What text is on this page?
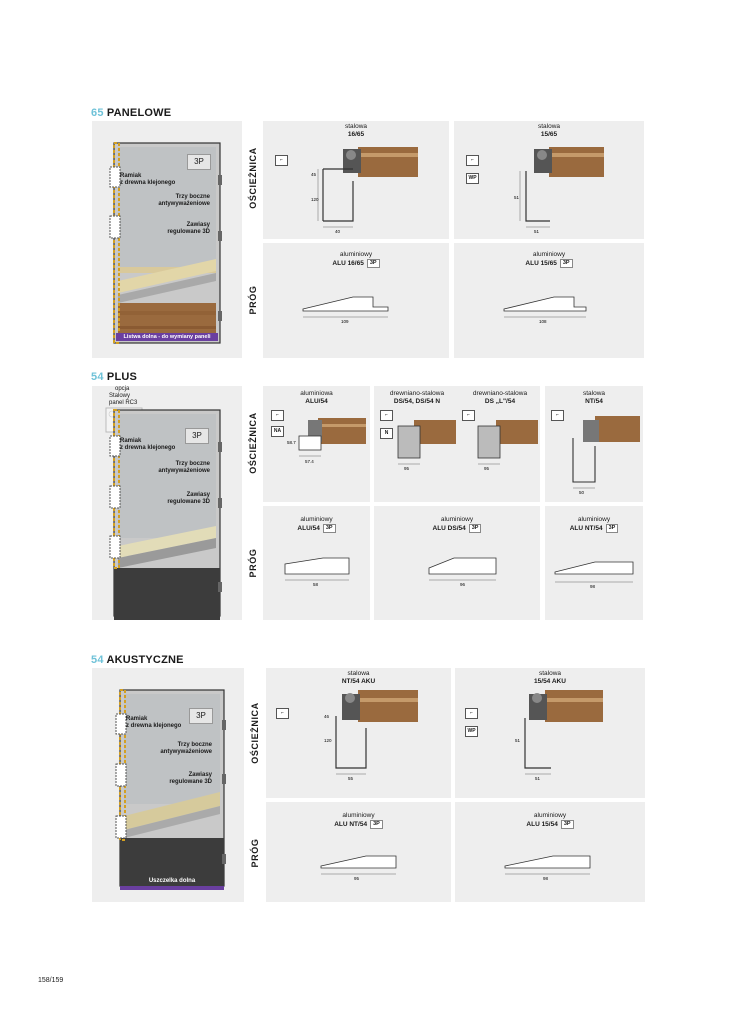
65 PANELOWE
3P
Ramiak
z drewna klejonego
Trzy boczne
antywyważeniowe
Zawiasy
regulowane 3D
Listwa dolna - do wymiany paneli
OŚCIEŻNICA
PRÓG
stalowa
16/65
⌐
40
120
45
stalowa
15/65
⌐
WP
51
51
aluminiowy
ALU 16/65 3P
109
aluminiowy
ALU 15/65 3P
108
54 PLUS
opcja
Stalowy
panel RC3
3P
Ramiak
z drewna klejonego
Trzy boczne
antywyważeniowe
Zawiasy
regulowane 3D
OŚCIEŻNICA
PRÓG
aluminiowa
ALU/54
⌐
NA
57.4
58.7
drewniano-stalowa
DS/54, DS/54 N
drewniano-stalowa
DS „L"/54
⌐
N
⌐
95	95
stalowa
NT/54
⌐
50
aluminiowy
ALU/54 3P
58
aluminiowy
ALU DS/54 3P
96
aluminiowy
ALU NT/54 3P
98
54 AKUSTYCZNE
3P
Ramiak
z drewna klejonego
Trzy boczne
antywyważeniowe
Zawiasy
regulowane 3D
Uszczelka dolna
OŚCIEŻNICA
PRÓG
stalowa
NT/54 AKU
⌐
55
120
46
stalowa
15/54 AKU
⌐
WP
51
51
aluminiowy
ALU NT/54 3P
95
aluminiowy
ALU 15/54 3P
98
158/159
